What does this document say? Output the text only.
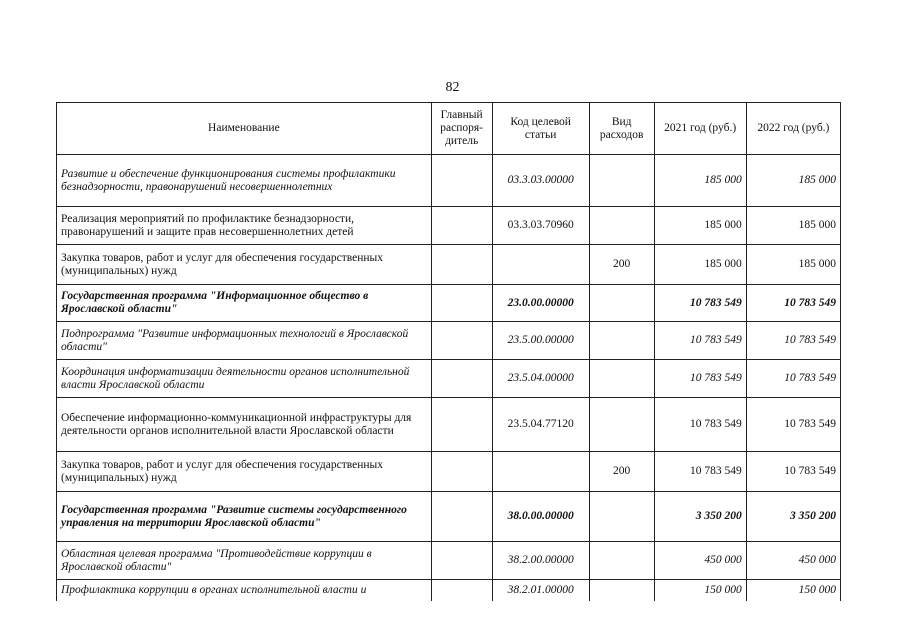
82
Наименование	Главный распоря-дитель	Код целевой статьи	Вид расходов	2021 год (руб.)	2022 год (руб.)
Развитие и обеспечение функционирования системы профилактики безнадзорности, правонарушений несовершеннолетних		03.3.03.00000		185 000	185 000
Реализация мероприятий по профилактике безнадзорности, правонарушений и защите прав несовершеннолетних детей		03.3.03.70960		185 000	185 000
Закупка товаров, работ и услуг для обеспечения государственных (муниципальных) нужд			200	185 000	185 000
Государственная программа "Информационное общество в Ярославской области"		23.0.00.00000		10 783 549	10 783 549
Подпрограмма "Развитие информационных технологий в Ярославской области"		23.5.00.00000		10 783 549	10 783 549
Координация информатизации деятельности органов исполнительной власти Ярославской области		23.5.04.00000		10 783 549	10 783 549
Обеспечение информационно-коммуникационной инфраструктуры для деятельности органов исполнительной власти Ярославской области		23.5.04.77120		10 783 549	10 783 549
Закупка товаров, работ и услуг для обеспечения государственных (муниципальных) нужд			200	10 783 549	10 783 549
Государственная программа "Развитие системы государственного управления на территории Ярославской области"		38.0.00.00000		3 350 200	3 350 200
Областная целевая программа "Противодействие коррупции в Ярославской области"		38.2.00.00000		450 000	450 000
Профилактика коррупции в органах исполнительной власти и		38.2.01.00000		150 000	150 000
